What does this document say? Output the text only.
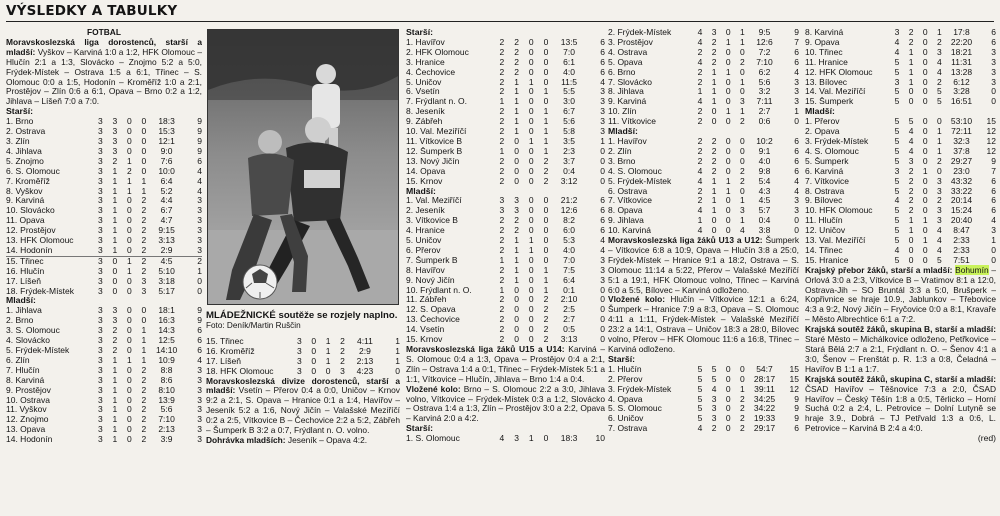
VÝSLEDKY A TABULKY
FOTBAL

Moravskoslezská liga dorostenců, starší a mladší: Vyškov – Karviná 1:0 a 1:2, HFK Olomouc – Hlučín 2:1 a 1:3, Slovácko – Znojmo 5:2 a 5:0, Frýdek-Místek – Ostrava 1:5 a 6:1, Třinec – S. Olomouc 0:0 a 1:5, Hodonín – Kroměříž 1:0 a 2:1, Prostějov – Zlín 0:6 a 6:1, Opava – Brno 0:2 a 1:2, Jihlava – Líšeň 7:0 a 7:0.

Starší:
1. Brno	3	3	0	0	18:3	9
2. Ostrava	3	3	0	0	15:3	9
3. Zlín	3	3	0	0	12:1	9
4. Jihlava	3	3	0	0	9:0	9
5. Znojmo	3	2	1	0	7:6	6
6. S. Olomouc	3	1	2	0	10:0	4
7. Kroměříž	3	1	1	1	6:4	4
8. Vyškov	3	1	1	1	5:2	4
9. Karviná	3	1	0	2	4:4	3
10. Slovácko	3	1	0	2	6:7	3
11. Opava	3	1	0	2	4:7	3
12. Prostějov	3	1	0	2	9:15	3
13. HFK Olomouc	3	1	0	2	3:13	3
14. Hodonín	3	1	0	2	2:9	3
15. Třinec	3	0	1	2	4:5	2
16. Hlučín	3	0	1	2	5:10	1
17. Líšeň	3	0	0	3	3:18	0
18. Frýdek-Místek	3	0	0	3	5:17	0
Mladší:
1. Jihlava	3	3	0	0	18:1	9
2. Brno	3	3	0	0	16:3	9
3. S. Olomouc	3	2	0	1	14:3	6
4. Slovácko	3	2	0	1	12:5	6
5. Frýdek-Místek	3	2	0	1	14:10	6
6. Zlín	3	1	1	1	10:9	4
7. Hlučín	3	1	0	2	8:8	3
8. Karviná	3	1	0	2	8:6	3
9. Prostějov	3	1	0	2	8:10	3
10. Ostrava	3	1	0	2	13:9	3
11. Vyškov	3	1	0	2	5:6	3
12. Znojmo	3	1	0	2	7:10	3
13. Opava	3	1	0	2	2:13	3
14. Hodonín	3	1	0	2	3:9	3
MLÁDEŽNICKÉ soutěže se rozjely naplno.
Foto: Deník/Martin Ruščin
15. Třinec	3	0	1	2	4:11	1
16. Kroměříž	3	0	1	2	2:9	1
17. Líšeň	3	0	1	2	2:13	1
18. HFK Olomouc	3	0	0	3	4:23	0

Moravskoslezská divize dorostenců, starší a mladší: Vsetín – Přerov 0:4 a 0:0, Uničov – Krnov 9:2 a 2:1, S. Opava – Hranice 0:1 a 1:4, Havířov – Jeseník 5:2 a 1:6, Nový Jičín – Valašské Meziříčí 0:2 a 2:5, Vítkovice B – Čechovice 2:2 a 5:2, Zábřeh – Šumperk B 3:2 a 0:7, Frýdlant n. O. volno.

Dohrávka mladších: Jeseník – Opava 4:2.

Starší:
1. Havířov	2	2	0	0	13:5	6
2. HFK Olomouc	2	2	0	0	7:0	6
3. Hranice	2	2	0	0	6:1	6
4. Čechovice	2	2	0	0	4:0	6
5. Uničov	2	1	1	0	11:5	4
6. Vsetín	2	1	0	1	5:5	3
7. Frýdlant n. O.	1	1	0	0	3:0	3
8. Jeseník	2	1	0	1	6:7	3
9. Zábřeh	2	1	0	1	5:6	3
10. Val. Meziříčí	2	1	0	1	5:8	3
11. Vítkovice B	2	0	1	1	3:5	1
12. Šumperk B	1	0	0	1	2:3	0
13. Nový Jičín	2	0	0	2	3:7	0
14. Opava	2	0	0	2	0:4	0
15. Krnov	2	0	0	2	3:12	0
Mladší:
1. Val. Meziříčí	3	3	0	0	21:2	6
2. Jeseník	3	3	0	0	12:6	6
3. Vítkovice B	2	2	0	0	8:2	6
4. Hranice	2	2	0	0	6:0	6
5. Uničov	2	1	1	0	5:3	4
6. Přerov	2	1	1	0	4:0	4
7. Šumperk B	1	1	0	0	7:0	3
8. Havířov	2	1	0	1	7:5	3
9. Nový Jičín	2	1	0	1	6:4	3
10. Frýdlant n. O.	1	0	0	1	0:1	0
11. Zábřeh	2	0	0	2	2:10	0
12. S. Opava	2	0	0	2	2:5	0
13. Čechovice	2	0	0	2	2:7	0
14. Vsetín	2	0	0	2	0:5	0
15. Krnov	2	0	0	2	3:13	0

Moravskoslezská liga žáků U15 a U14: Karviná – S. Olomouc 0:4 a 1:3, Opava – Prostějov 0:4 a 2:1, Zlín – Ostrava 1:4 a 0:1, Třinec – Frýdek-Místek 5:1 a 1:1, Vítkovice – Hlučín, Jihlava – Brno 1:4 a 0:4.

Vložené kolo: Brno – S. Olomouc 2:2 a 3:0, Jihlava volno, Vítkovice – Frýdek-Místek 0:3 a 1:2, Slovácko – Ostrava 1:4 a 1:3, Zlín – Prostějov 3:0 a 2:2, Opava – Karviná 2:0 a 4:2.

Starší:
1. S. Olomouc	4	3	1	0	18:3	10
2. Frýdek-Místek	4	3	0	1	9:5	9
3. Prostějov	4	2	1	1	12:6	7
4. Ostrava	2	2	0	0	7:2	6
5. Opava	4	2	0	2	7:10	6
6. Brno	2	1	1	0	6:2	4
7. Slovácko	2	1	0	1	5:6	3
8. Jihlava	1	1	0	0	3:2	3
9. Karviná	4	1	0	3	7:11	3
10. Zlín	2	0	1	1	2:7	1
11. Vítkovice	2	0	0	2	0:6	0
Mladší:
1. Havířov	2	2	0	0	10:2	6
2. Zlín	2	2	0	0	9:1	6
3. Brno	2	2	0	0	4:0	6
4. S. Olomouc	4	2	0	2	9:8	6
5. Frýdek-Místek	4	1	1	2	5:4	4
6. Ostrava	2	1	1	0	4:3	4
7. Vítkovice	2	1	0	1	4:5	3
8. Opava	4	1	0	3	5:7	3
9. Jihlava	1	0	0	1	0:4	0
10. Karviná	4	0	0	4	3:8	0

Moravskoslezská liga žáků U13 a U12: Šumperk – Vítkovice 6:8 a 10:9, Opava – Hlučín 3:8 a 25:0, Frýdek-Místek – Hranice 9:1 a 18:2, Ostrava – S. Olomouc 11:14 a 5:22, Přerov – Valašské Meziříčí 5:1 a 19:1, HFK Olomouc volno, Třinec – Karviná 6:0 a 5:5, Bílovec – Karviná odloženo.

Vložené kolo: Hlučín – Vítkovice 12:1 a 6:24, Šumperk – Hranice 7:9 a 8:3, Opava – S. Olomouc 4:11 a 1:11, Frýdek-Místek – Valašské Meziříčí 23:2 a 14:1, Ostrava – Uničov 18:3 a 28:0, Bílovec volno, Přerov – HFK Olomouc 11:6 a 16:8, Třinec – Karviná odloženo.

Starší:
1. Hlučín	5	5	0	0	54:7	15
2. Přerov	5	5	0	0	28:17	15
3. Frýdek-Místek	5	4	0	1	39:11	12
4. Opava	5	3	0	2	34:25	9
5. S. Olomouc	5	3	0	2	34:22	9
6. Uničov	5	3	0	2	19:33	9
7. Ostrava	4	2	0	2	29:17	6
8. Karviná	3	2	0	1	17:8	6
9. Opava	4	2	0	2	22:20	6
10. Třinec	4	1	0	3	18:21	3
11. Hranice	5	1	0	4	11:31	3
12. HFK Olomouc	5	1	0	4	13:28	3
13. Bílovec	3	1	0	2	6:12	3
14. Val. Meziříčí	5	0	0	5	3:28	0
15. Šumperk	5	0	0	5	16:51	0
Mladší:
1. Přerov	5	5	0	0	53:10	15
2. Opava	5	4	0	1	72:11	12
3. Frýdek-Místek	5	4	0	1	32:3	12
4. S. Olomouc	5	4	0	1	37:8	12
5. Šumperk	5	3	0	2	29:27	9
6. Karviná	3	2	1	0	23:0	7
7. Vítkovice	5	2	0	3	43:32	6
8. Ostrava	5	2	0	3	33:22	6
9. Bílovec	4	2	0	2	20:14	6
10. HFK Olomouc	5	2	0	3	15:24	6
11. Hlučín	5	1	1	3	20:40	4
12. Uničov	5	1	0	4	8:47	3
13. Val. Meziříčí	5	0	1	4	2:33	1
14. Třinec	4	0	0	4	2:33	0
15. Hranice	5	0	0	5	7:51	0

Krajský přebor žáků, starší a mladší: Bohumín – Orlová 3:0 a 2:3, Vítkovice B – Vratimov 8:1 a 12:0, Ostrava-Jih – SO Bruntál 3:3 a 5:0, Brušperk – Kopřivnice se hraje 10.9., Jablunkov – Třebovice 4:3 a 9:2, Nový Jičín – Fryčovice 0:0 a 8:1, Kravaře – Město Albrechtice 6:1 a 7:2.

Krajská soutěž žáků, skupina B, starší a mladší: Staré Město – Michálkovice odloženo, Petřkovice – Stará Bělá 2:7 a 2:1, Frýdlant n. O. – Šenov 4:1 a 3:0, Šenov – Frenštát p. R. 1:3 a 0:8, Čeladná – Havířov B 1:1 a 1:7.

Krajská soutěž žáků, skupina C, starší a mladší: ČSAD Havířov – Těšnovice 7:3 a 2:0, ČSAD Havířov – Český Těšín 1:8 a 0:5, Těrlicko – Horní Suchá 0:2 a 2:4, L. Petrovice – Dolní Lutyně se hraje 3.9., Dobrá – TJ Petřvald 1:3 a 0:6, L. Petrovice – Karviná B 2:4 a 4:0.

(red)
